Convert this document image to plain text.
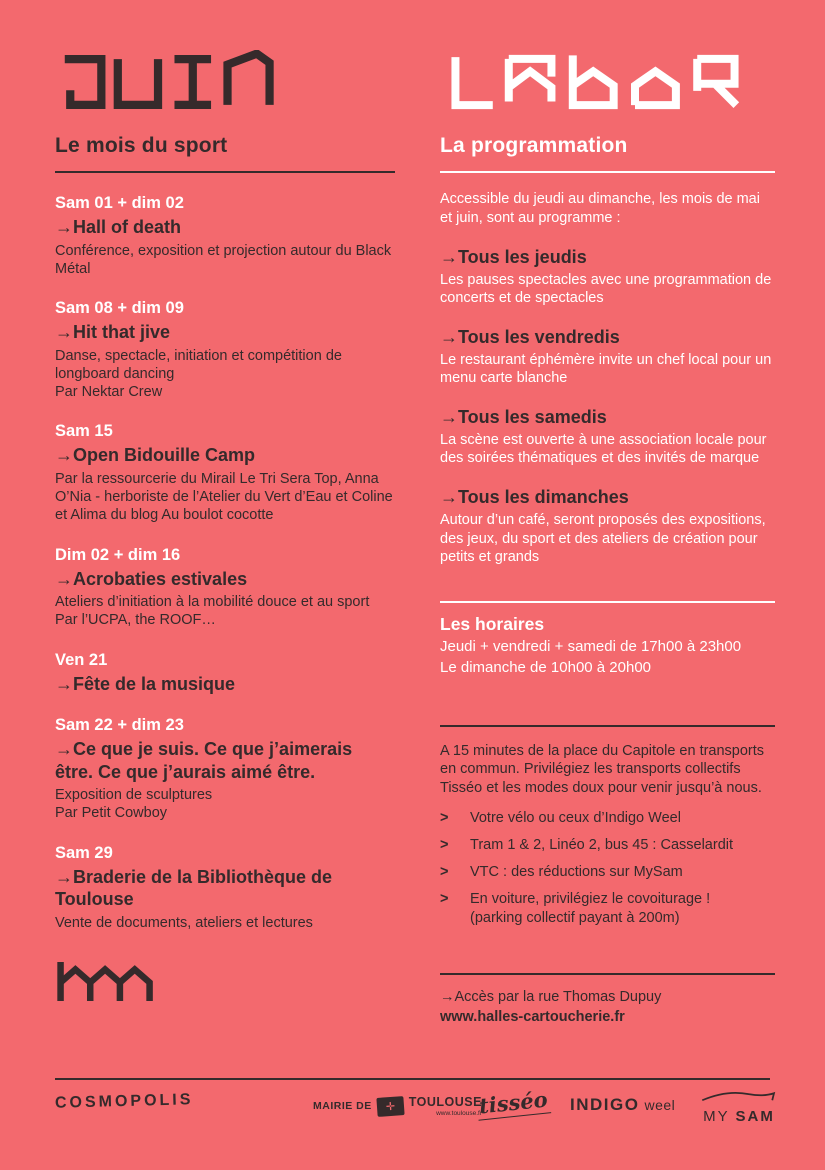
Le mois du sport
Sam 01 + dim 02
→Hall of death
Conférence, exposition et projection autour du Black Métal
Sam 08 + dim 09
→Hit that jive
Danse, spectacle, initiation et compétition de longboard dancing
Par Nektar Crew
Sam 15
→Open Bidouille Camp
Par la ressourcerie du Mirail Le Tri Sera Top, Anna O’Nia - herboriste de l’Atelier du Vert d’Eau et Coline et Alima du blog Au boulot cocotte
Dim 02 + dim 16
→Acrobaties estivales
Ateliers d’initiation à la mobilité douce et au sport
Par l’UCPA, the ROOF…
Ven 21
→Fête de la musique
Sam 22 + dim 23
→Ce que je suis. Ce que j’aimerais être. Ce que j’aurais aimé être.
Exposition de sculptures
Par Petit Cowboy
Sam 29
→Braderie de la Bibliothèque de Toulouse
Vente de documents, ateliers et lectures
La programmation
Accessible du jeudi au dimanche, les mois de mai et juin, sont au programme :
→Tous les jeudis
Les pauses spectacles avec une programmation de concerts et de spectacles
→Tous les vendredis
Le restaurant éphémère invite un chef local pour un menu carte blanche
→Tous les samedis
La scène est ouverte à une association locale pour des soirées thématiques et des invités de marque
→Tous les dimanches
Autour d’un café, seront proposés des expositions, des jeux, du sport et des ateliers de création pour petits et grands
Les horaires
Jeudi + vendredi + samedi de 17h00 à 23h00
Le dimanche de 10h00 à 20h00
A 15 minutes de la place du Capitole en transports en commun. Privilégiez les transports collectifs Tisséo et les modes doux pour venir jusqu’à nous.
>	Votre vélo ou ceux d’Indigo Weel
>	Tram 1 & 2, Linéo 2, bus 45 : Casselardit
>	VTC : des réductions sur MySam
>	En voiture, privilégiez le covoiturage !
(parking collectif payant à 200m)
→Accès par la rue Thomas Dupuy
www.halles-cartoucherie.fr
COSMOPOLIS	MAIRIE DE	✛	TOULOUSE
www.toulouse.fr
tisséo INDIGO weel
MY SAM
